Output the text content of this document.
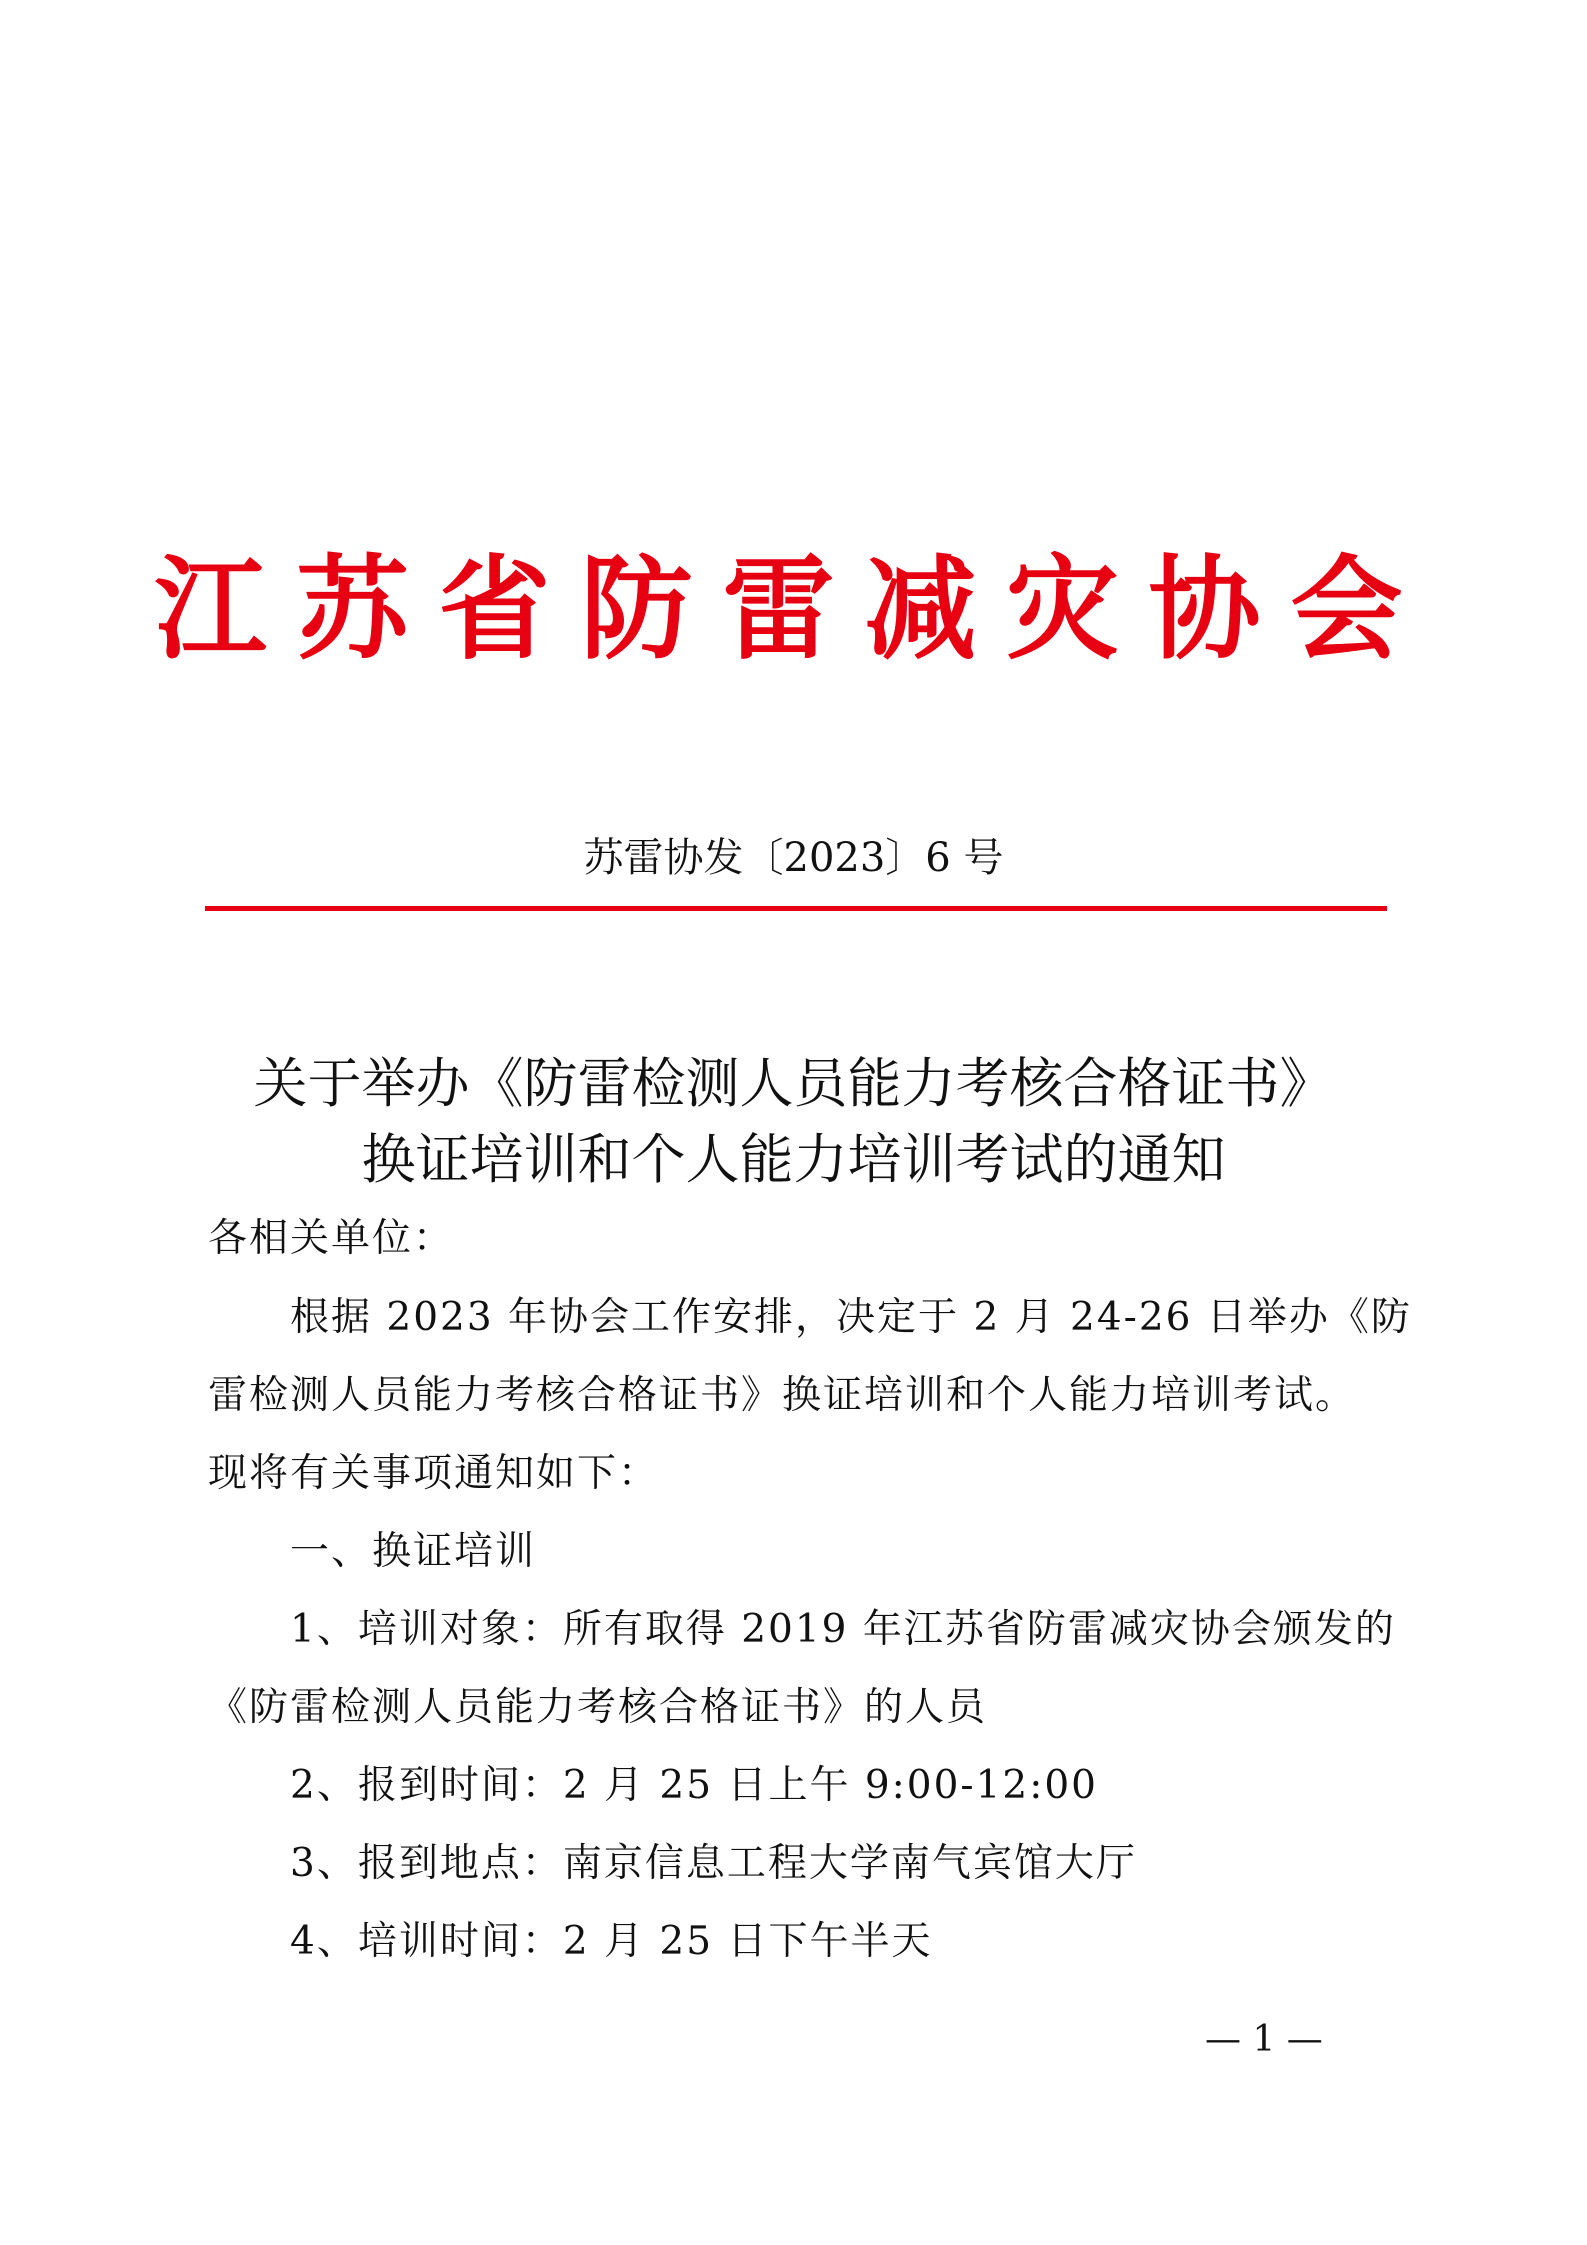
江苏省防雷减灾协会
苏雷协发〔2023〕6 号
关于举办《防雷检测人员能力考核合格证书》
换证培训和个人能力培训考试的通知
各相关单位：
根据 2023 年协会工作安排，决定于 2 月 24-26 日举办《防
雷检测人员能力考核合格证书》换证培训和个人能力培训考试。
现将有关事项通知如下：
一、换证培训
1、培训对象：所有取得 2019 年江苏省防雷减灾协会颁发的
《防雷检测人员能力考核合格证书》的人员
2、报到时间：2 月 25 日上午 9:00-12:00
3、报到地点：南京信息工程大学南气宾馆大厅
4、培训时间：2 月 25 日下午半天
— 1 —
